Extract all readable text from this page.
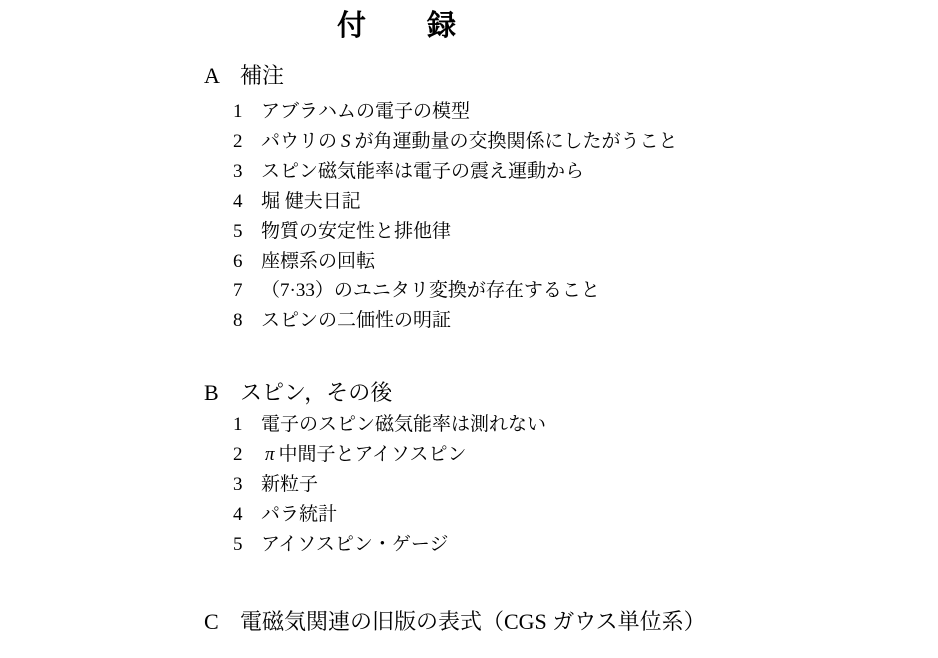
付　　録
A 補注
1 アブラハムの電子の模型
2 パウリの S が角運動量の交換関係にしたがうこと
3 スピン磁気能率は電子の震え運動から
4 堀 健夫日記
5 物質の安定性と排他律
6 座標系の回転
7 （7·33）のユニタリ変換が存在すること
8 スピンの二価性の明証
B スピン，その後
1 電子のスピン磁気能率は測れない
2 π 中間子とアイソスピン
3 新粒子
4 パラ統計
5 アイソスピン・ゲージ
C 電磁気関連の旧版の表式（CGS ガウス単位系）
